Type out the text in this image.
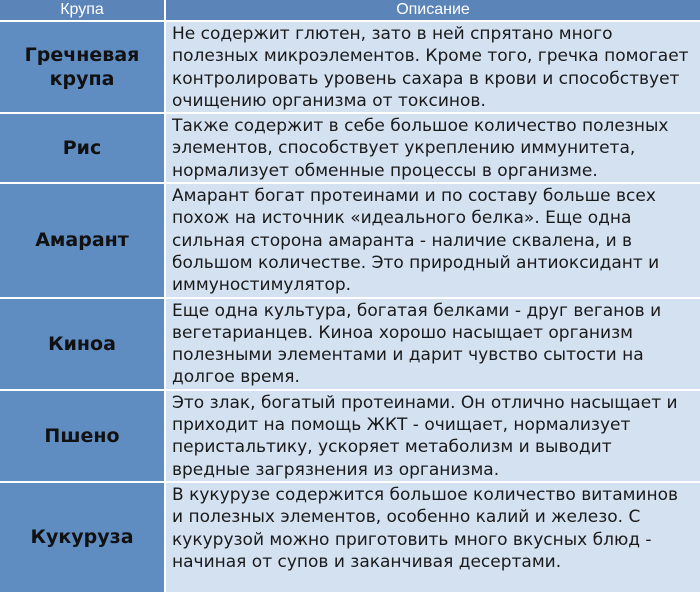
Крупа	Описание
Гречневая крупа	Не содержит глютен, зато в ней спрятано много полезных микроэлементов. Кроме того, гречка помогает контролировать уровень сахара в крови и способствует очищению организма от токсинов.

Рис	Также содержит в себе большое количество полезных элементов, способствует укреплению иммунитета, нормализует обменные процессы в организме.

Амарант	Амарант богат протеинами и по составу больше всех похож на источник «идеального белка». Еще одна сильная сторона амаранта - наличие сквалена, и в большом количестве. Это природный антиоксидант и иммуностимулятор.

Киноа	Еще одна культура, богатая белками - друг веганов и вегетарианцев. Киноа хорошо насыщает организм полезными элементами и дарит чувство сытости на долгое время.

Пшено	Это злак, богатый протеинами. Он отлично насыщает и приходит на помощь ЖКТ - очищает, нормализует перистальтику, ускоряет метаболизм и выводит вредные загрязнения из организма.

Кукуруза	В кукурузе содержится большое количество витаминов и полезных элементов, особенно калий и железо. С кукурузой можно приготовить много вкусных блюд - начиная от супов и заканчивая десертами.
